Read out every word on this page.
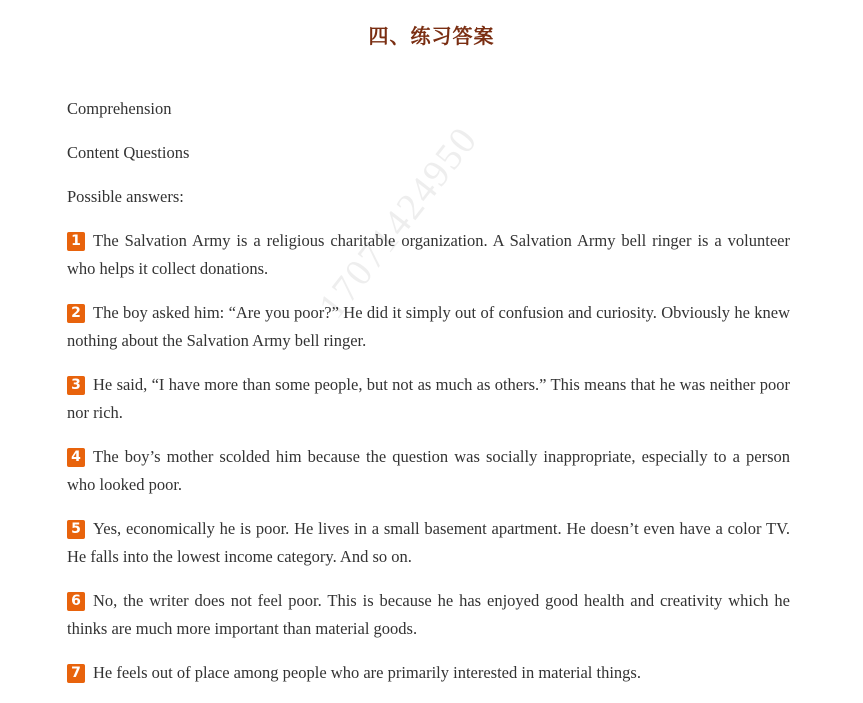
四、练习答案
17071424950

Comprehension

Content Questions

Possible answers:

1 The Salvation Army is a religious charitable organization. A Salvation Army bell ringer is a volunteer who helps it collect donations.

2 The boy asked him: “Are you poor?” He did it simply out of confusion and curiosity. Obviously he knew nothing about the Salvation Army bell ringer.

3 He said, “I have more than some people, but not as much as others.” This means that he was neither poor nor rich.

4 The boy’s mother scolded him because the question was socially inappropriate, especially to a person who looked poor.

5 Yes, economically he is poor. He lives in a small basement apartment. He doesn’t even have a color TV. He falls into the lowest income category. And so on.

6 No, the writer does not feel poor. This is because he has enjoyed good health and creativity which he thinks are much more important than material goods.

7 He feels out of place among people who are primarily interested in material things.
